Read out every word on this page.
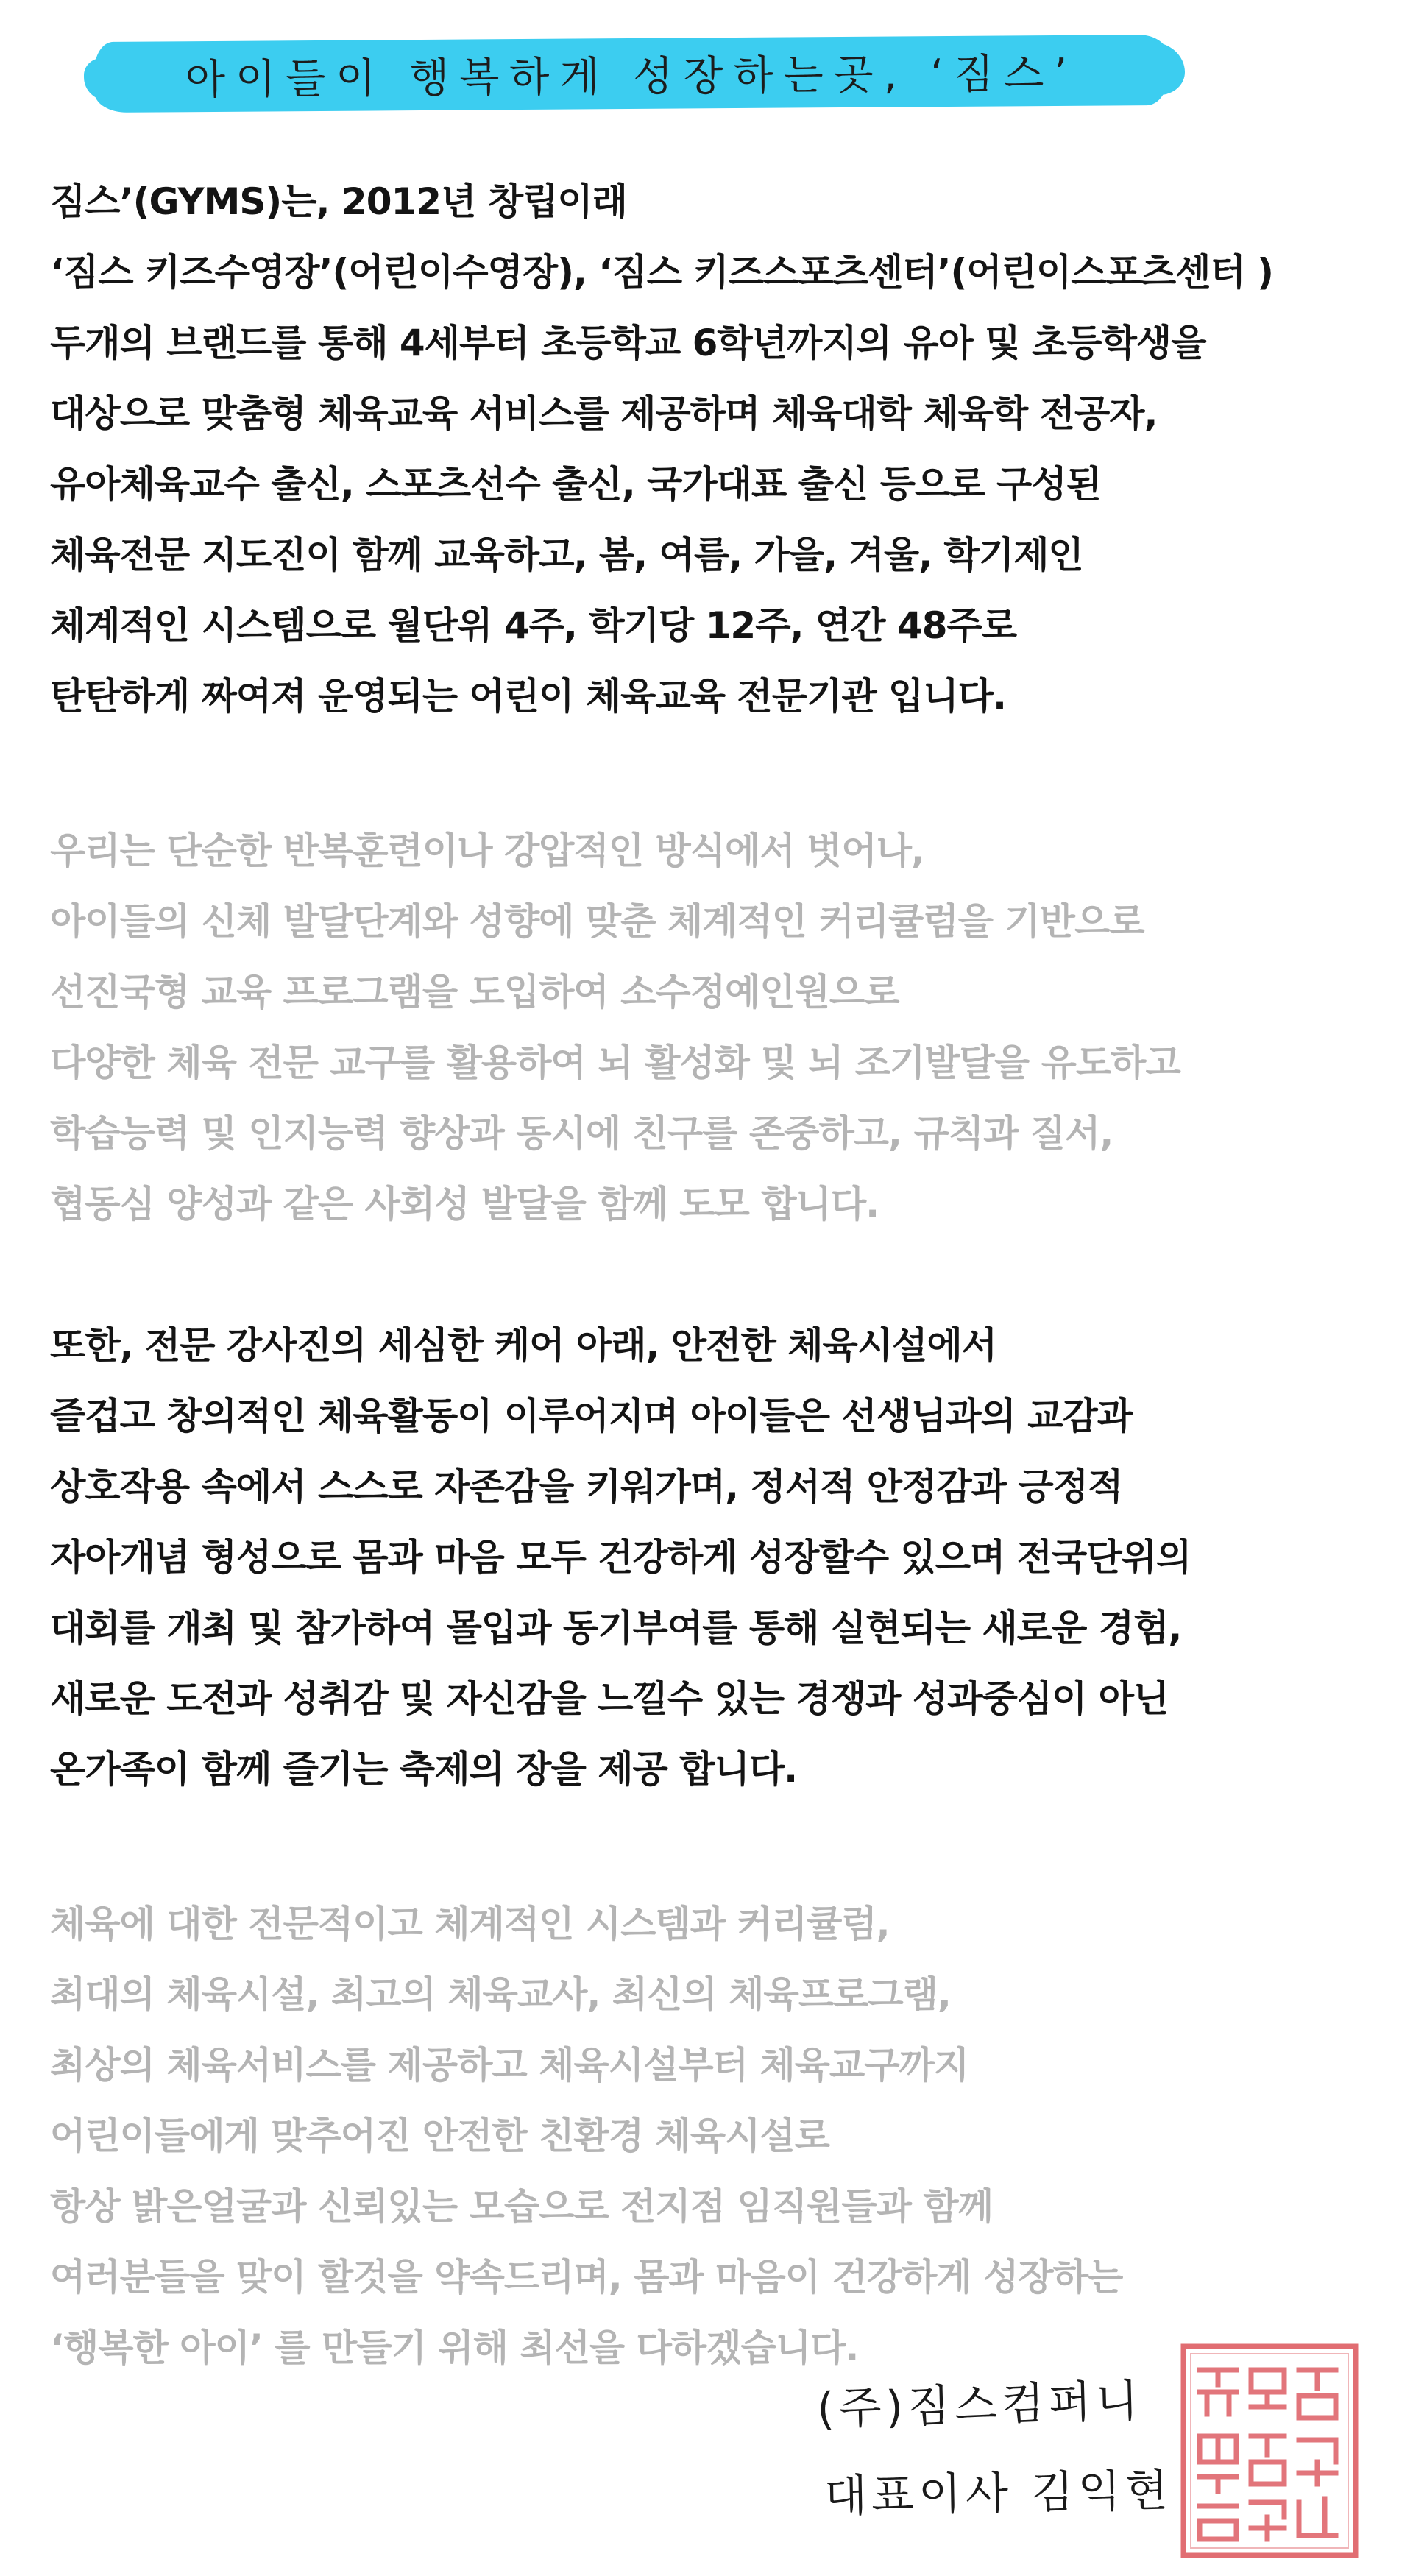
아이들이 행복하게 성장하는곳, ‘짐스’
짐스’(GYMS)는, 2012년 창립이래
‘짐스 키즈수영장’(어린이수영장), ‘짐스 키즈스포츠센터’(어린이스포츠센터 )
두개의 브랜드를 통해 4세부터 초등학교 6학년까지의 유아 및 초등학생을
대상으로 맞춤형 체육교육 서비스를 제공하며 체육대학 체육학 전공자,
유아체육교수 출신, 스포츠선수 출신, 국가대표 출신 등으로 구성된
체육전문 지도진이 함께 교육하고, 봄, 여름, 가을, 겨울, 학기제인
체계적인 시스템으로 월단위 4주, 학기당 12주, 연간 48주로
탄탄하게 짜여져 운영되는 어린이 체육교육 전문기관 입니다.
우리는 단순한 반복훈련이나 강압적인 방식에서 벗어나,
아이들의 신체 발달단계와 성향에 맞춘 체계적인 커리큘럼을 기반으로
선진국형 교육 프로그램을 도입하여 소수정예인원으로
다양한 체육 전문 교구를 활용하여 뇌 활성화 및 뇌 조기발달을 유도하고
학습능력 및 인지능력 향상과 동시에 친구를 존중하고, 규칙과 질서,
협동심 양성과 같은 사회성 발달을 함께 도모 합니다.
또한, 전문 강사진의 세심한 케어 아래, 안전한 체육시설에서
즐겁고 창의적인 체육활동이 이루어지며 아이들은 선생님과의 교감과
상호작용 속에서 스스로 자존감을 키워가며, 정서적 안정감과 긍정적
자아개념 형성으로 몸과 마음 모두 건강하게 성장할수 있으며 전국단위의
대회를 개최 및 참가하여 몰입과 동기부여를 통해 실현되는 새로운 경험,
새로운 도전과 성취감 및 자신감을 느낄수 있는 경쟁과 성과중심이 아닌
온가족이 함께 즐기는 축제의 장을 제공 합니다.
체육에 대한 전문적이고 체계적인 시스템과 커리큘럼,
최대의 체육시설, 최고의 체육교사, 최신의 체육프로그램,
최상의 체육서비스를 제공하고 체육시설부터 체육교구까지
어린이들에게 맞추어진 안전한 친환경 체육시설로
항상 밝은얼굴과 신뢰있는 모습으로 전지점 임직원들과 함께
여러분들을 맞이 할것을 약속드리며, 몸과 마음이 건강하게 성장하는
‘행복한 아이’ 를 만들기 위해 최선을 다하겠습니다.
(주)짐스컴퍼니
대표이사 김익현
